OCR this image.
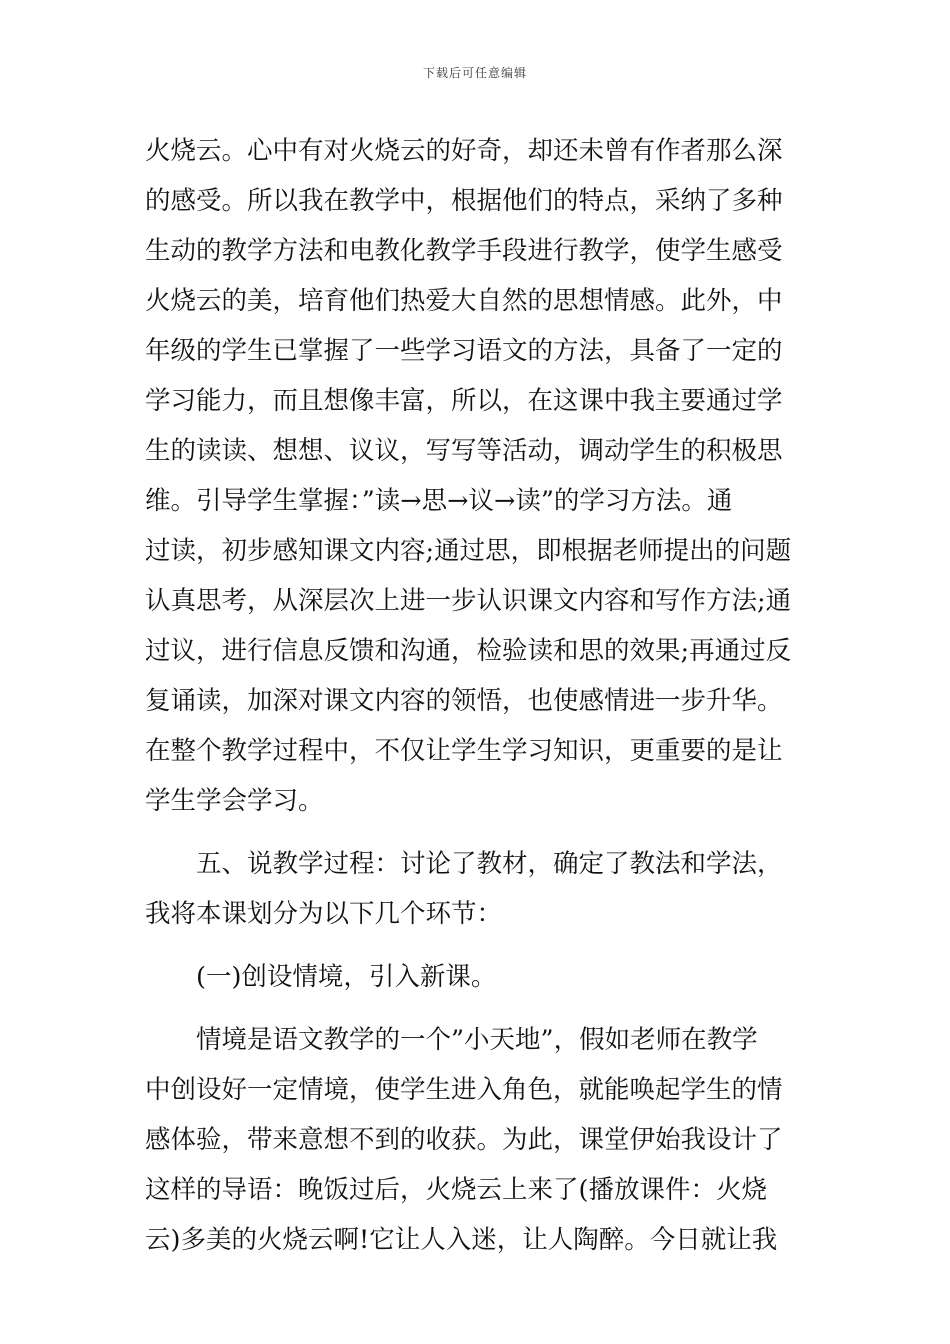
下载后可任意编辑
火烧云。心中有对火烧云的好奇，却还未曾有作者那么深
的感受。所以我在教学中，根据他们的特点，采纳了多种
生动的教学方法和电教化教学手段进行教学，使学生感受
火烧云的美，培育他们热爱大自然的思想情感。此外，中
年级的学生已掌握了一些学习语文的方法，具备了一定的
学习能力，而且想像丰富，所以，在这课中我主要通过学
生的读读、想想、议议，写写等活动，调动学生的积极思
维。引导学生掌握：”读→思→议→读”的学习方法。通
过读，初步感知课文内容;通过思，即根据老师提出的问题
认真思考，从深层次上进一步认识课文内容和写作方法;通
过议，进行信息反馈和沟通，检验读和思的效果;再通过反
复诵读，加深对课文内容的领悟，也使感情进一步升华。
在整个教学过程中，不仅让学生学习知识，更重要的是让
学生学会学习。
五、说教学过程：讨论了教材，确定了教法和学法，
我将本课划分为以下几个环节：
(一)创设情境，引入新课。
情境是语文教学的一个”小天地”，假如老师在教学
中创设好一定情境，使学生进入角色，就能唤起学生的情
感体验，带来意想不到的收获。为此，课堂伊始我设计了
这样的导语：晚饭过后，火烧云上来了(播放课件：火烧
云)多美的火烧云啊!它让人入迷，让人陶醉。今日就让我
